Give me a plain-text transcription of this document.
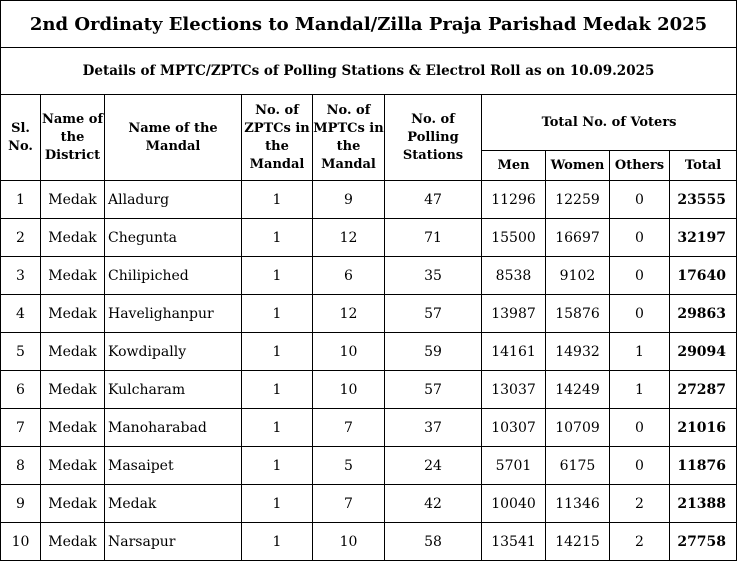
2nd Ordinaty Elections to Mandal/Zilla Praja Parishad Medak 2025									
Details of MPTC/ZPTCs of Polling Stations & Electrol Roll as on 10.09.2025									
Sl. No.	Name of the District	Name of the Mandal	No. of ZPTCs in the Mandal	No. of MPTCs in the Mandal	No. of Polling Stations	Total No. of Voters			
						Men	Women	Others	Total
1	Medak	Alladurg	1	9	47	11296	12259	0	23555
2	Medak	Chegunta	1	12	71	15500	16697	0	32197
3	Medak	Chilipiched	1	6	35	8538	9102	0	17640
4	Medak	Havelighanpur	1	12	57	13987	15876	0	29863
5	Medak	Kowdipally	1	10	59	14161	14932	1	29094
6	Medak	Kulcharam	1	10	57	13037	14249	1	27287
7	Medak	Manoharabad	1	7	37	10307	10709	0	21016
8	Medak	Masaipet	1	5	24	5701	6175	0	11876
9	Medak	Medak	1	7	42	10040	11346	2	21388
10	Medak	Narsapur	1	10	58	13541	14215	2	27758
